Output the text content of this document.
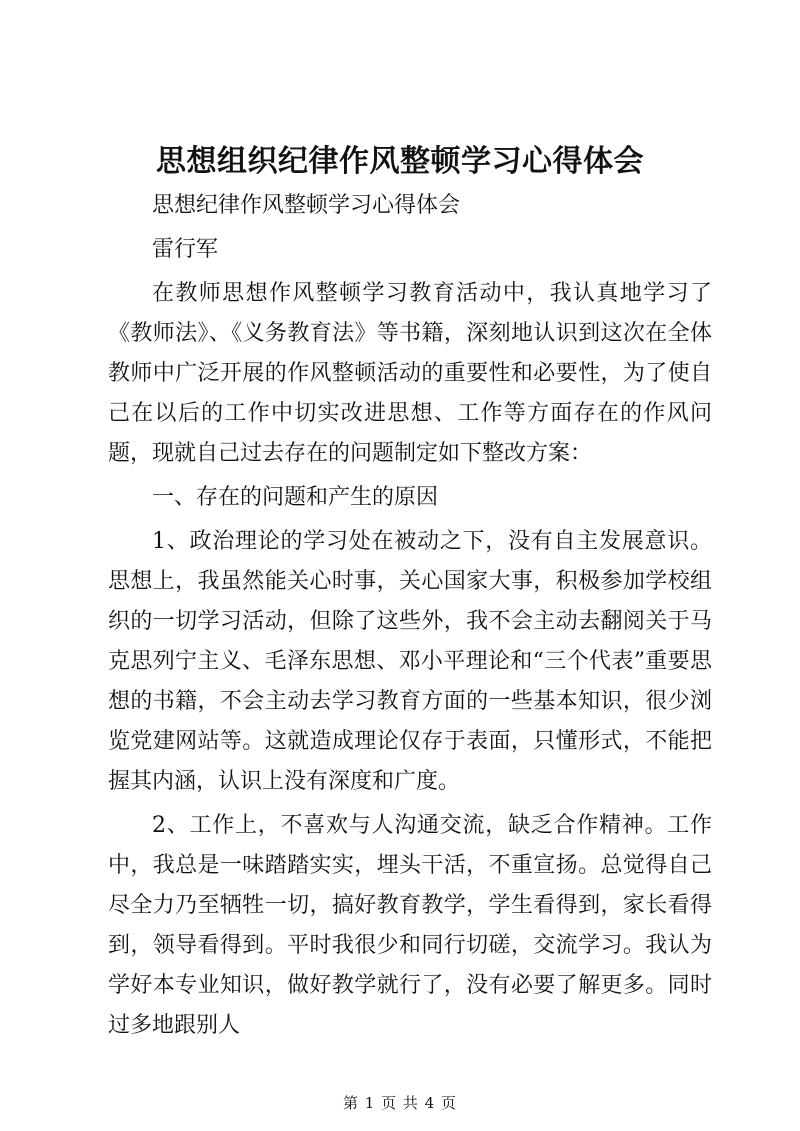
思想组织纪律作风整顿学习心得体会

思想纪律作风整顿学习心得体会

雷行军

在教师思想作风整顿学习教育活动中，我认真地学习了《教师法》、《义务教育法》等书籍，深刻地认识到这次在全体教师中广泛开展的作风整顿活动的重要性和必要性，为了使自己在以后的工作中切实改进思想、工作等方面存在的作风问题，现就自己过去存在的问题制定如下整改方案：

一、存在的问题和产生的原因

1、政治理论的学习处在被动之下，没有自主发展意识。思想上，我虽然能关心时事，关心国家大事，积极参加学校组织的一切学习活动，但除了这些外，我不会主动去翻阅关于马克思列宁主义、毛泽东思想、邓小平理论和“三个代表”重要思想的书籍，不会主动去学习教育方面的一些基本知识，很少浏览党建网站等。这就造成理论仅存于表面，只懂形式，不能把握其内涵，认识上没有深度和广度。

2、工作上，不喜欢与人沟通交流，缺乏合作精神。工作中，我总是一味踏踏实实，埋头干活，不重宣扬。总觉得自己尽全力乃至牺牲一切，搞好教育教学，学生看得到，家长看得到，领导看得到。平时我很少和同行切磋，交流学习。我认为学好本专业知识，做好教学就行了，没有必要了解更多。同时过多地跟别人

第 1 页 共 4 页
